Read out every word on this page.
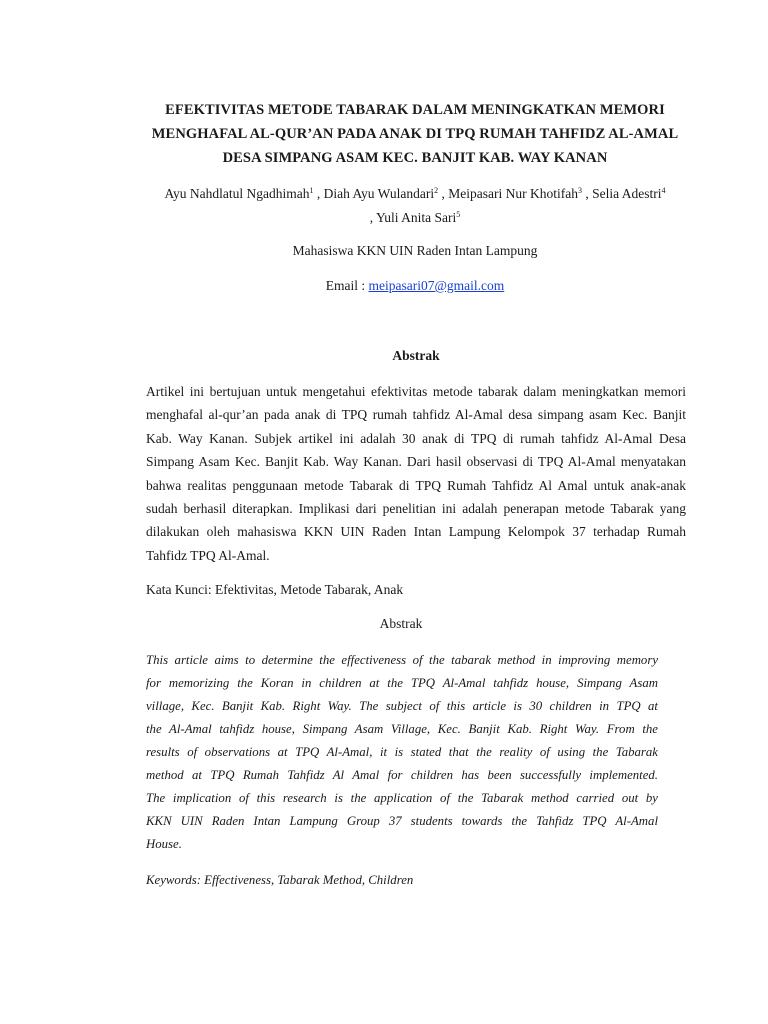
EFEKTIVITAS METODE TABARAK DALAM MENINGKATKAN MEMORI
MENGHAFAL AL-QUR’AN PADA ANAK DI TPQ RUMAH TAHFIDZ AL-AMAL
DESA SIMPANG ASAM KEC. BANJIT KAB. WAY KANAN
Ayu Nahdlatul Ngadhimah$^1$ , Diah Ayu Wulandari$^2$ , Meipasari Nur Khotifah$^3$ , Selia Adestri$^4$
, Yuli Anita Sari$^5$
Mahasiswa KKN UIN Raden Intan Lampung
Email : meipasari07@gmail.com
Abstrak
Artikel ini bertujuan untuk mengetahui efektivitas metode tabarak dalam meningkatkan memori
menghafal al-qur’an pada anak di TPQ rumah tahfidz Al-Amal desa simpang asam Kec. Banjit
Kab. Way Kanan. Subjek artikel ini adalah 30 anak di TPQ di rumah tahfidz Al-Amal Desa
Simpang Asam Kec. Banjit Kab. Way Kanan. Dari hasil observasi di TPQ Al-Amal menyatakan
bahwa realitas penggunaan metode Tabarak di TPQ Rumah Tahfidz Al Amal untuk anak-anak
sudah berhasil diterapkan. Implikasi dari penelitian ini adalah penerapan metode Tabarak yang
dilakukan oleh mahasiswa KKN UIN Raden Intan Lampung Kelompok 37 terhadap Rumah
Tahfidz TPQ Al-Amal.
Kata Kunci: Efektivitas, Metode Tabarak, Anak
Abstrak
This article aims to determine the effectiveness of the tabarak method in improving memory
for memorizing the Koran in children at the TPQ Al-Amal tahfidz house, Simpang Asam
village, Kec. Banjit Kab. Right Way. The subject of this article is 30 children in TPQ at
the Al-Amal tahfidz house, Simpang Asam Village, Kec. Banjit Kab. Right Way. From the
results of observations at TPQ Al-Amal, it is stated that the reality of using the Tabarak
method at TPQ Rumah Tahfidz Al Amal for children has been successfully implemented.
The implication of this research is the application of the Tabarak method carried out by
KKN UIN Raden Intan Lampung Group 37 students towards the Tahfidz TPQ Al-Amal
House.
Keywords: Effectiveness, Tabarak Method, Children
